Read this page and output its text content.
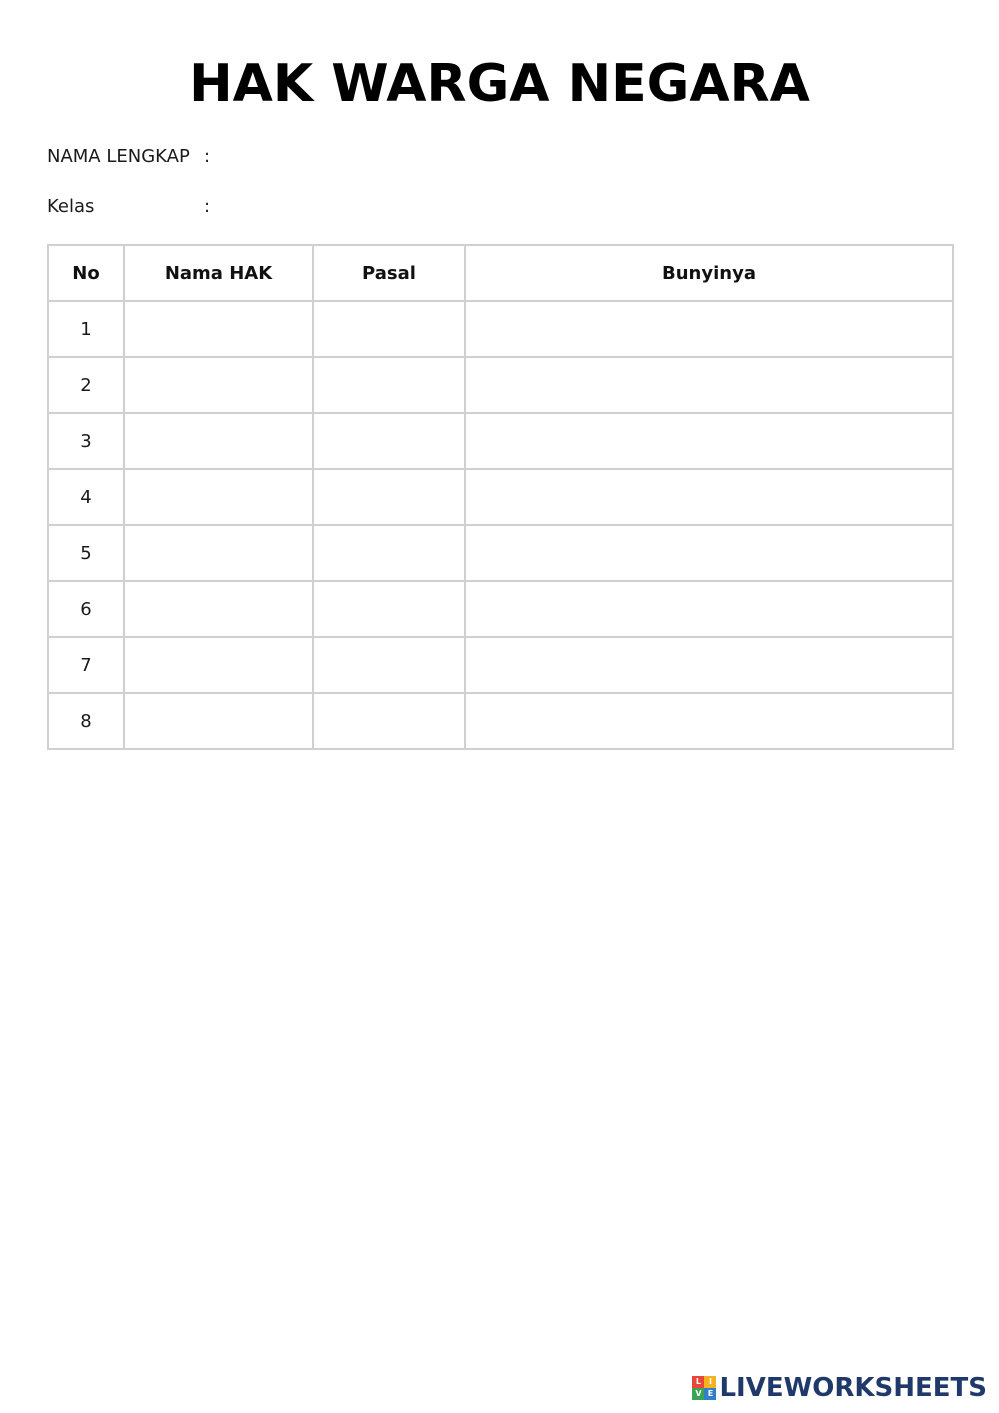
HAK WARGA NEGARA
NAMA LENGKAP :
Kelas	:
No	Nama HAK	Pasal	Bunyinya
1			
2			
3			
4			
5			
6			
7			
8			
L I
V E LIVEWORKSHEETS
